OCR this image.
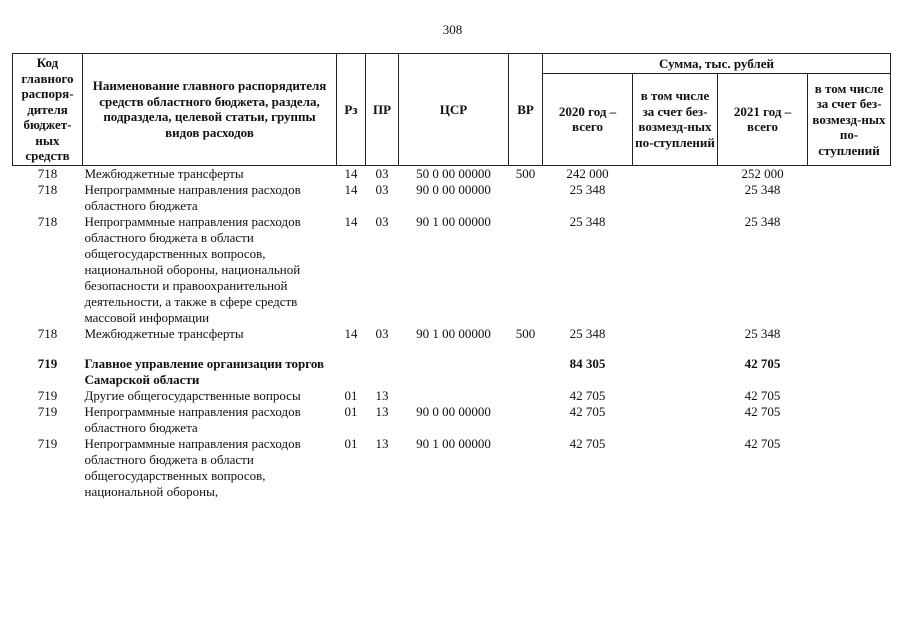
308
Код главного распоря-дителя бюджет-ных средств	Наименование главного распорядителя средств областного бюджета, раздела, подраздела, целевой статьи, группы видов расходов	Рз	ПР	ЦСР	ВР	Сумма, тыс. рублей			
						2020 год – всего	в том числе за счет без-возмезд-ных по-ступлений	2021 год – всего	в том числе за счет без-возмезд-ных по-ступлений
718	Межбюджетные трансферты	14	03	50 0 00 00000	500	242 000		252 000	
718	Непрограммные направления расходов областного бюджета	14	03	90 0 00 00000		25 348		25 348	
718	Непрограммные направления расходов областного бюджета в области общегосударственных вопросов, национальной обороны, национальной безопасности и правоохранительной деятельности, а также в сфере средств массовой информации	14	03	90 1 00 00000		25 348		25 348	
718	Межбюджетные трансферты	14	03	90 1 00 00000	500	25 348		25 348	
719	Главное управление организации торгов Самарской области					84 305		42 705	
719	Другие общегосударственные вопросы	01	13			42 705		42 705	
719	Непрограммные направления расходов областного бюджета	01	13	90 0 00 00000		42 705		42 705	
719	Непрограммные направления расходов областного бюджета в области общегосударственных вопросов, национальной обороны,	01	13	90 1 00 00000		42 705		42 705	
